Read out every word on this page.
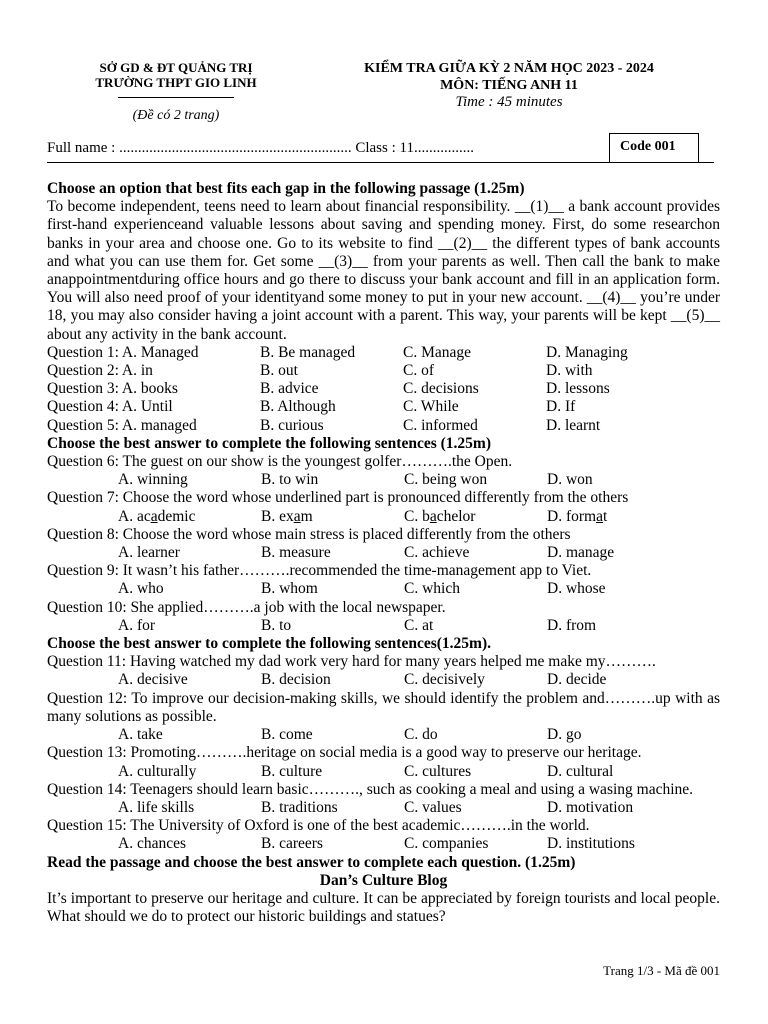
SỞ GD & ĐT QUẢNG TRỊ
TRƯỜNG THPT GIO LINH
(Đề có 2 trang)
KIỂM TRA GIỮA KỲ 2 NĂM HỌC 2023 - 2024
MÔN: TIẾNG ANH 11
Time : 45 minutes
Full name : .............................................................. Class : 11................	Code 001
Choose an option that best fits each gap in the following passage (1.25m)
To become independent, teens need to learn about financial responsibility. __(1)__ a bank account provides first-hand experienceand valuable lessons about saving and spending money. First, do some researchon banks in your area and choose one. Go to its website to find __(2)__ the different types of bank accounts and what you can use them for. Get some __(3)__ from your parents as well. Then call the bank to make anappointmentduring office hours and go there to discuss your bank account and fill in an application form. You will also need proof of your identityand some money to put in your new account. __(4)__ you’re under 18, you may also consider having a joint account with a parent. This way, your parents will be kept __(5)__ about any activity in the bank account.
Question 1: A. Managed	B. Be managed	C. Manage	D. Managing
Question 2: A. in	B. out	C. of	D. with
Question 3: A. books	B. advice	C. decisions	D. lessons
Question 4: A. Until	B. Although	C. While	D. If
Question 5: A. managed	B. curious	C. informed	D. learnt
Choose the best answer to complete the following sentences (1.25m)
Question 6: The guest on our show is the youngest golfer……….the Open.
A. winning	B. to win	C. being won	D. won
Question 7: Choose the word whose underlined part is pronounced differently from the others
A. academic	B. exam	C. bachelor	D. format
Question 8: Choose the word whose main stress is placed differently from the others
A. learner	B. measure	C. achieve	D. manage
Question 9: It wasn’t his father……….recommended the time-management app to Viet.
A. who	B. whom	C. which	D. whose
Question 10: She applied……….a job with the local newspaper.
A. for	B. to	C. at	D. from
Choose the best answer to complete the following sentences(1.25m).
Question 11: Having watched my dad work very hard for many years helped me make my……….
A. decisive	B. decision	C. decisively	D. decide
Question 12: To improve our decision-making skills, we should identify the problem and……….up with as many solutions as possible.
A. take	B. come	C. do	D. go
Question 13: Promoting……….heritage on social media is a good way to preserve our heritage.
A. culturally	B. culture	C. cultures	D. cultural
Question 14: Teenagers should learn basic………., such as cooking a meal and using a wasing machine.
A. life skills	B. traditions	C. values	D. motivation
Question 15: The University of Oxford is one of the best academic……….in the world.
A. chances	B. careers	C. companies	D. institutions
Read the passage and choose the best answer to complete each question. (1.25m)
Dan’s Culture Blog
It’s important to preserve our heritage and culture. It can be appreciated by foreign tourists and local people. What should we do to protect our historic buildings and statues?
Trang 1/3 - Mã đề 001
